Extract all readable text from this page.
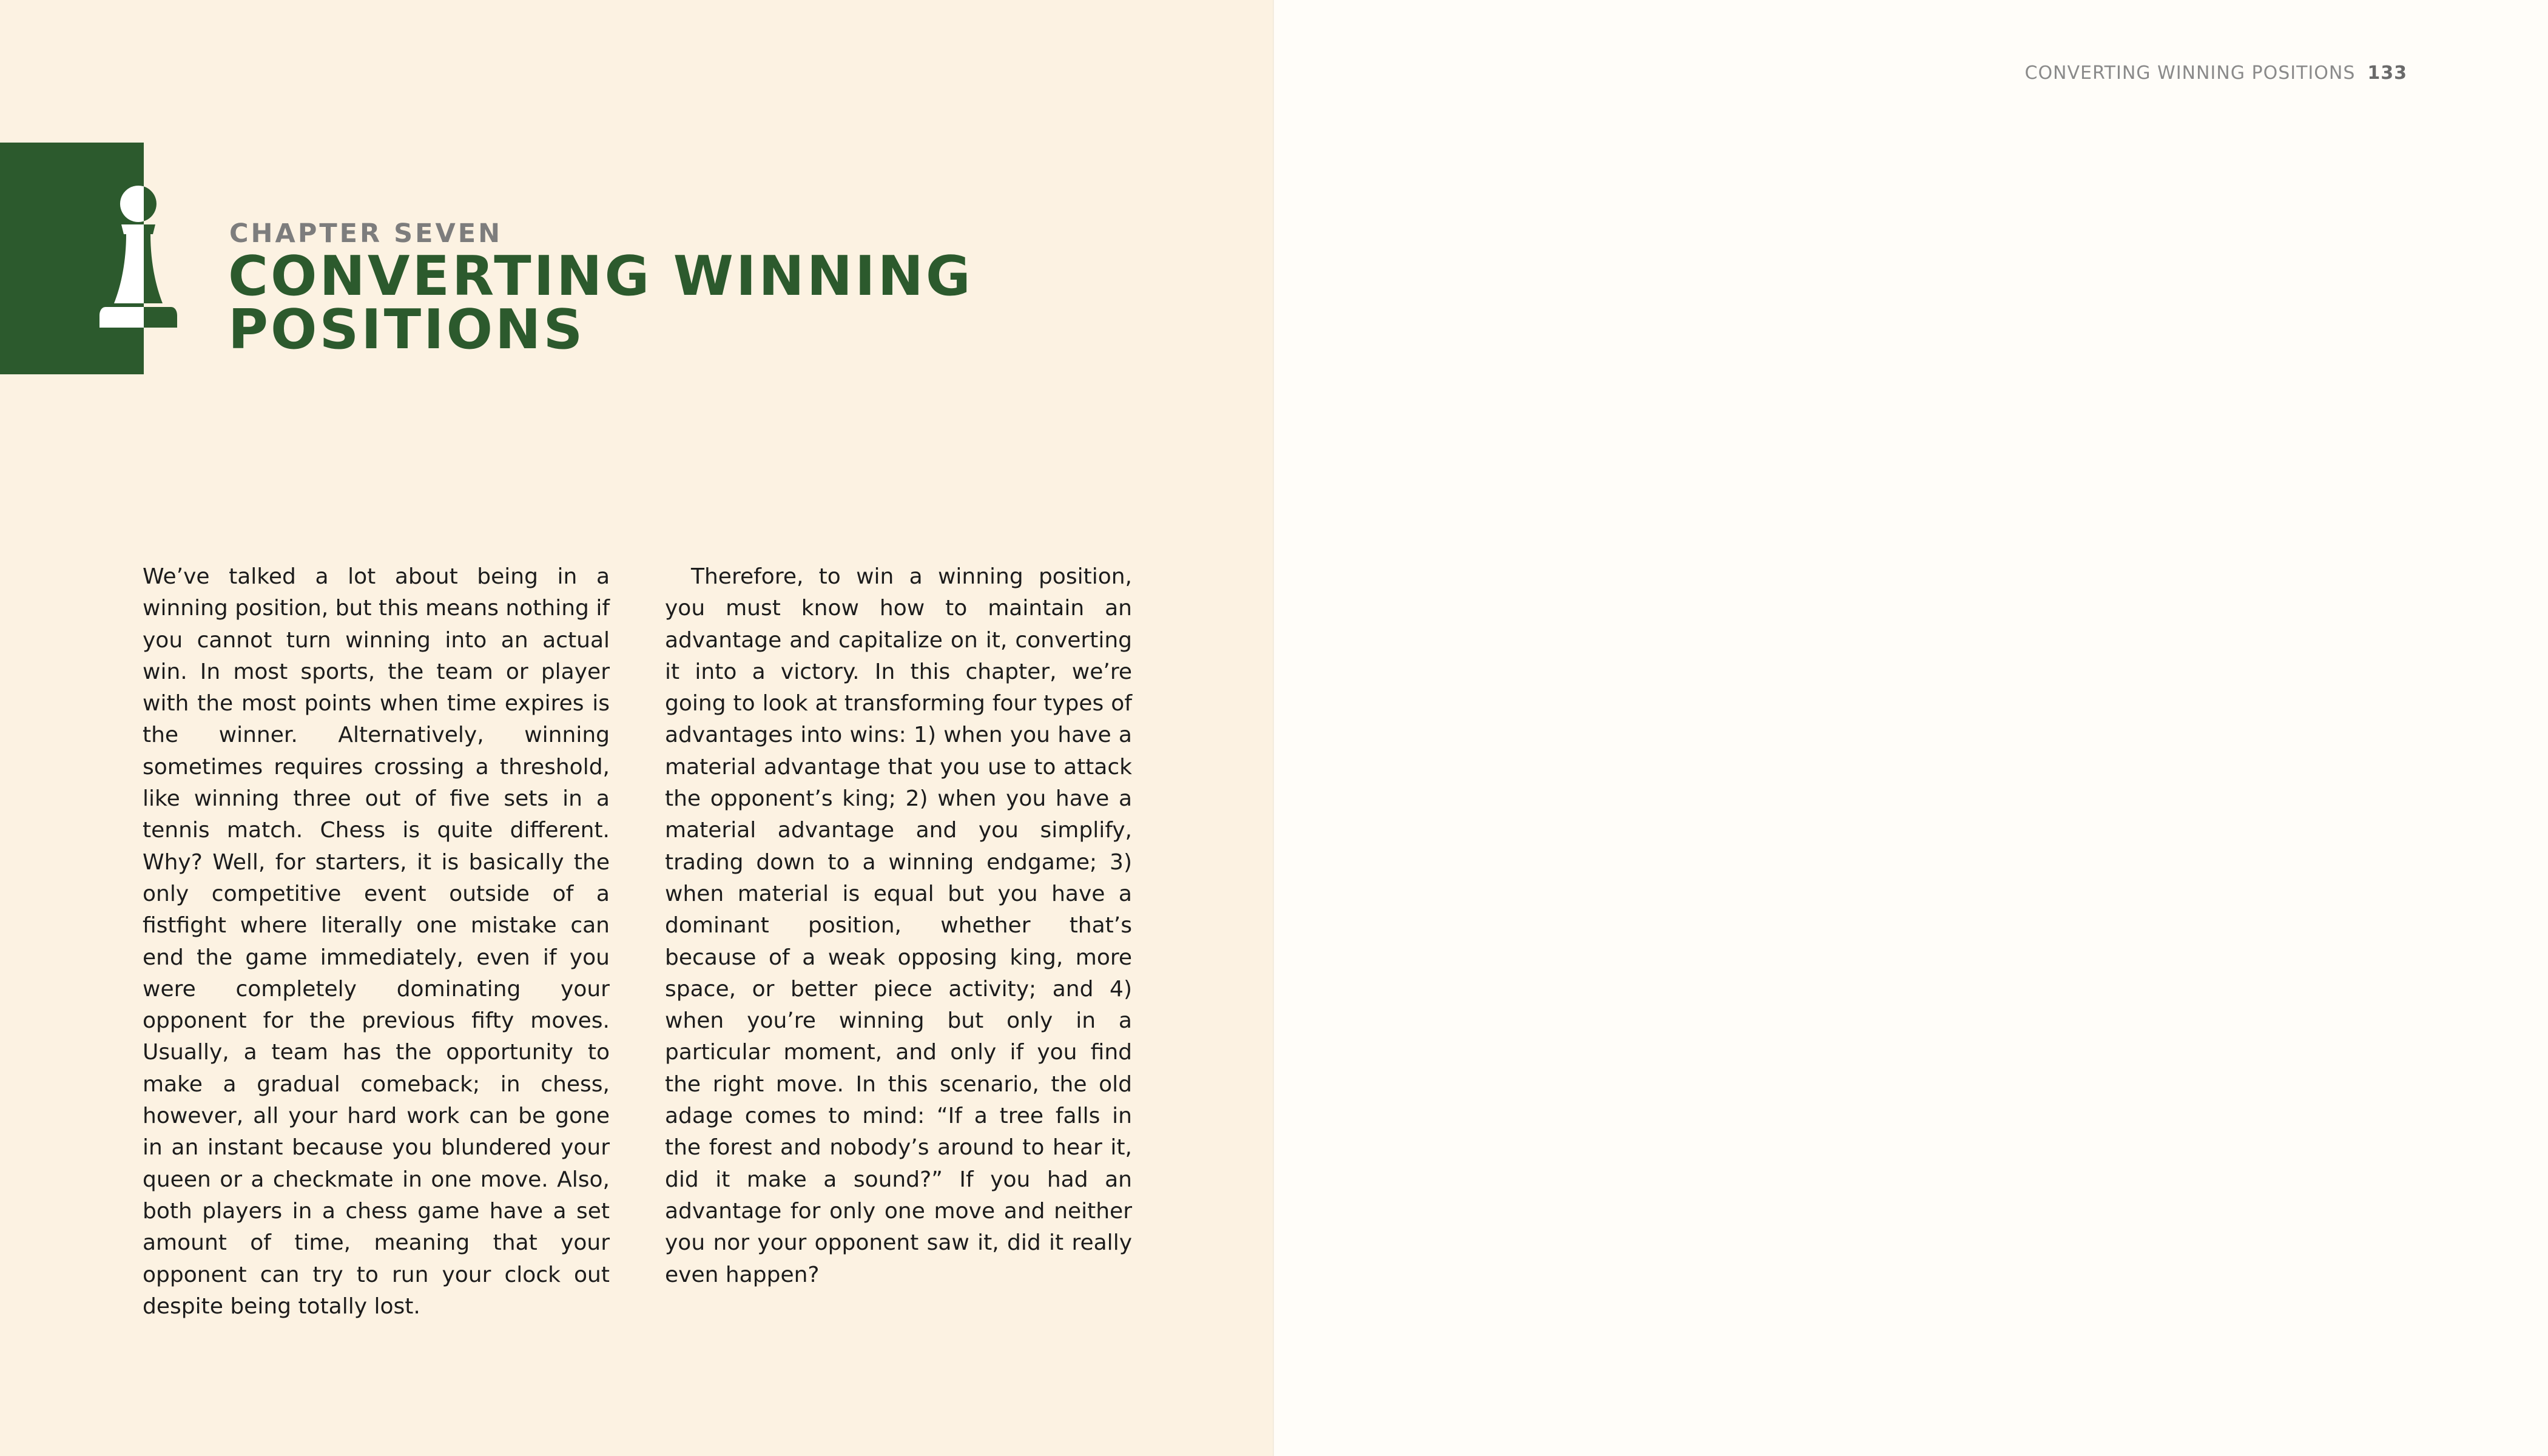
CHAPTER SEVEN
CONVERTING WINNING POSITIONS

We’ve talked a lot about being in a winning position, but this means nothing if you cannot turn winning into an actual win. In most sports, the team or player with the most points when time expires is the winner. Alternatively, winning sometimes requires crossing a threshold, like winning three out of five sets in a tennis match. Chess is quite different. Why? Well, for starters, it is basically the only competitive event outside of a fistfight where literally one mistake can end the game immediately, even if you were completely dominating your opponent for the previous fifty moves. Usually, a team has the opportunity to make a gradual comeback; in chess, however, all your hard work can be gone in an instant because you blundered your queen or a checkmate in one move. Also, both players in a chess game have a set amount of time, meaning that your opponent can try to run your clock out despite being totally lost.

Therefore, to win a winning position, you must know how to maintain an advantage and capitalize on it, converting it into a victory. In this chapter, we’re going to look at transforming four types of advantages into wins: 1) when you have a material advantage that you use to attack the opponent’s king; 2) when you have a material advantage and you simplify, trading down to a winning endgame; 3) when material is equal but you have a dominant position, whether that’s because of a weak opposing king, more space, or better piece activity; and 4) when you’re winning but only in a particular moment, and only if you find the right move. In this scenario, the old adage comes to mind: “If a tree falls in the forest and nobody’s around to hear it, did it make a sound?” If you had an advantage for only one move and neither you nor your opponent saw it, did it really even happen?

CONVERTING WINNING POSITIONS 133
